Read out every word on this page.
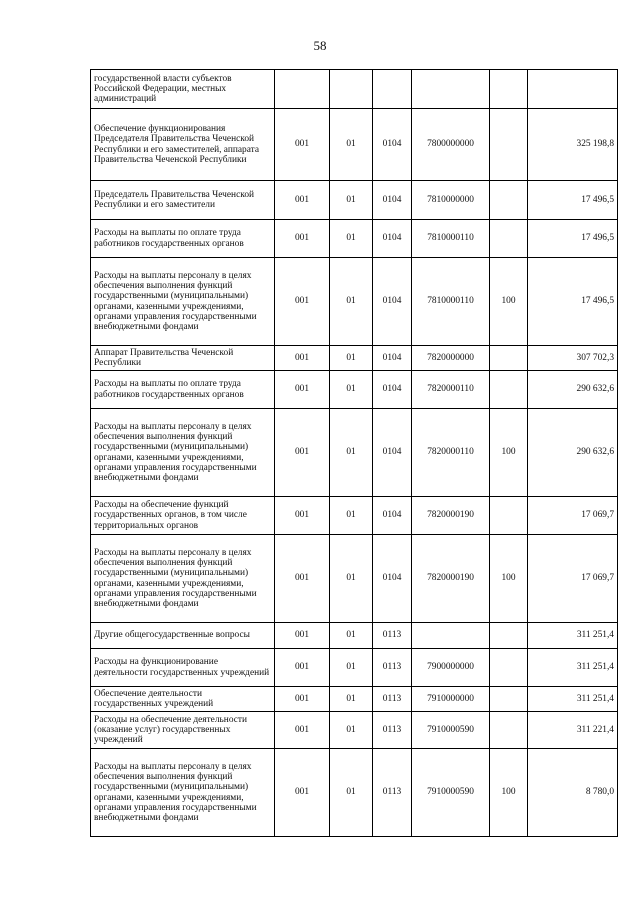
58
государственной власти субъектов Российской Федерации, местных администраций						
Обеспечение функционирования Председателя Правительства Чеченской Республики и его заместителей, аппарата Правительства Чеченской Республики	001	01	0104	7800000000		325 198,8
Председатель Правительства Чеченской Республики и его заместители	001	01	0104	7810000000		17 496,5
Расходы на выплаты по оплате труда работников государственных органов	001	01	0104	7810000110		17 496,5
Расходы на выплаты персоналу в целях обеспечения выполнения функций государственными (муниципальными) органами, казенными учреждениями, органами управления государственными внебюджетными фондами	001	01	0104	7810000110	100	17 496,5
Аппарат Правительства Чеченской Республики	001	01	0104	7820000000		307 702,3
Расходы на выплаты по оплате труда работников государственных органов	001	01	0104	7820000110		290 632,6
Расходы на выплаты персоналу в целях обеспечения выполнения функций государственными (муниципальными) органами, казенными учреждениями, органами управления государственными внебюджетными фондами	001	01	0104	7820000110	100	290 632,6
Расходы на обеспечение функций государственных органов, в том числе территориальных органов	001	01	0104	7820000190		17 069,7
Расходы на выплаты персоналу в целях обеспечения выполнения функций государственными (муниципальными) органами, казенными учреждениями, органами управления государственными внебюджетными фондами	001	01	0104	7820000190	100	17 069,7
Другие общегосударственные вопросы	001	01	0113			311 251,4
Расходы на функционирование деятельности государственных учреждений	001	01	0113	7900000000		311 251,4
Обеспечение деятельности государственных учреждений	001	01	0113	7910000000		311 251,4
Расходы на обеспечение деятельности (оказание услуг) государственных учреждений	001	01	0113	7910000590		311 221,4
Расходы на выплаты персоналу в целях обеспечения выполнения функций государственными (муниципальными) органами, казенными учреждениями, органами управления государственными внебюджетными фондами	001	01	0113	7910000590	100	8 780,0
